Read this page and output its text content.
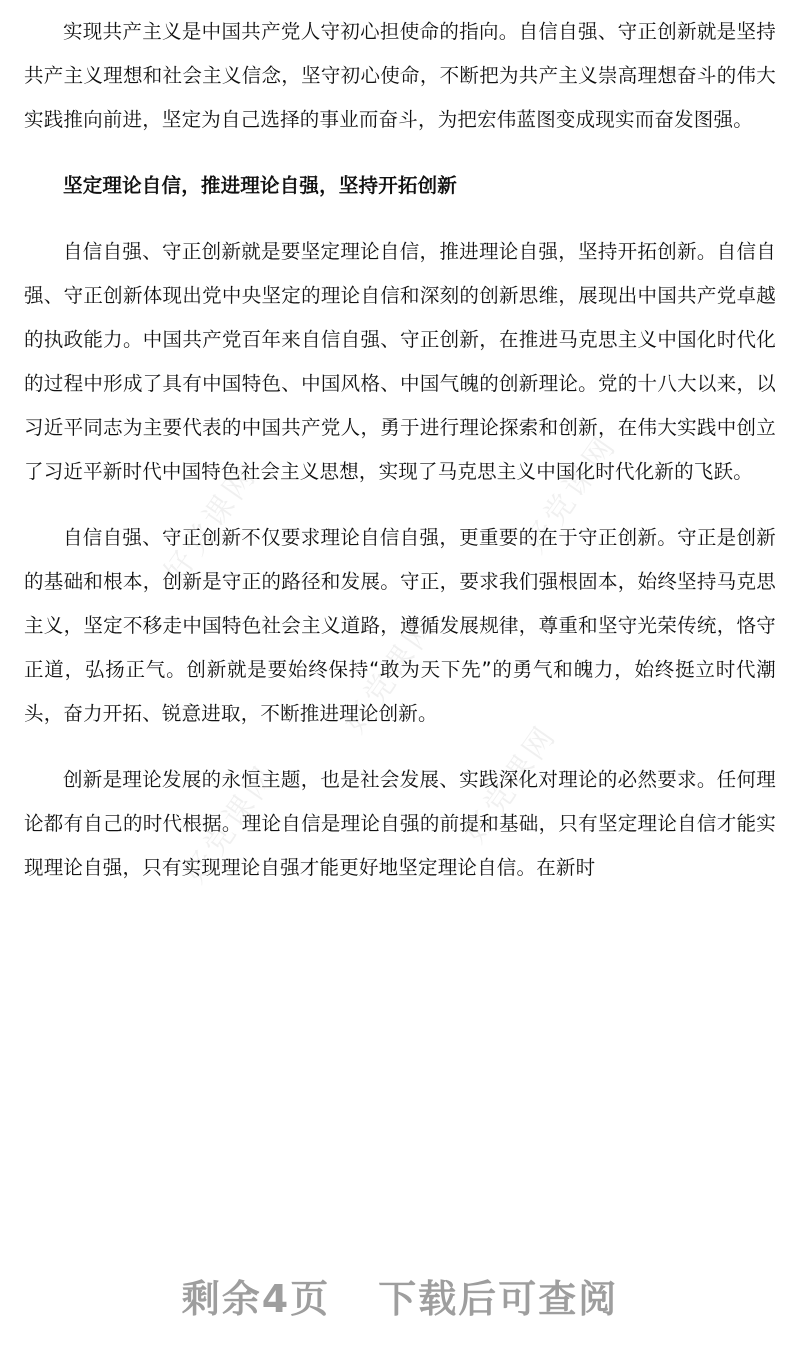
好党课网	好党课网
好党课网
好党课网	好党课网

实现共产主义是中国共产党人守初心担使命的指向。自信自强、守正创新就是坚持共产主义理想和社会主义信念，坚守初心使命，不断把为共产主义崇高理想奋斗的伟大实践推向前进，坚定为自己选择的事业而奋斗，为把宏伟蓝图变成现实而奋发图强。

坚定理论自信，推进理论自强，坚持开拓创新

自信自强、守正创新就是要坚定理论自信，推进理论自强，坚持开拓创新。自信自强、守正创新体现出党中央坚定的理论自信和深刻的创新思维，展现出中国共产党卓越的执政能力。中国共产党百年来自信自强、守正创新，在推进马克思主义中国化时代化的过程中形成了具有中国特色、中国风格、中国气魄的创新理论。党的十八大以来，以习近平同志为主要代表的中国共产党人，勇于进行理论探索和创新，在伟大实践中创立了习近平新时代中国特色社会主义思想，实现了马克思主义中国化时代化新的飞跃。

自信自强、守正创新不仅要求理论自信自强，更重要的在于守正创新。守正是创新的基础和根本，创新是守正的路径和发展。守正，要求我们强根固本，始终坚持马克思主义，坚定不移走中国特色社会主义道路，遵循发展规律，尊重和坚守光荣传统，恪守正道，弘扬正气。创新就是要始终保持“敢为天下先”的勇气和魄力，始终挺立时代潮头，奋力开拓、锐意进取，不断推进理论创新。

创新是理论发展的永恒主题，也是社会发展、实践深化对理论的必然要求。任何理论都有自己的时代根据。理论自信是理论自强的前提和基础，只有坚定理论自信才能实现理论自强，只有实现理论自强才能更好地坚定理论自信。在新时

剩余4页 下载后可查阅
